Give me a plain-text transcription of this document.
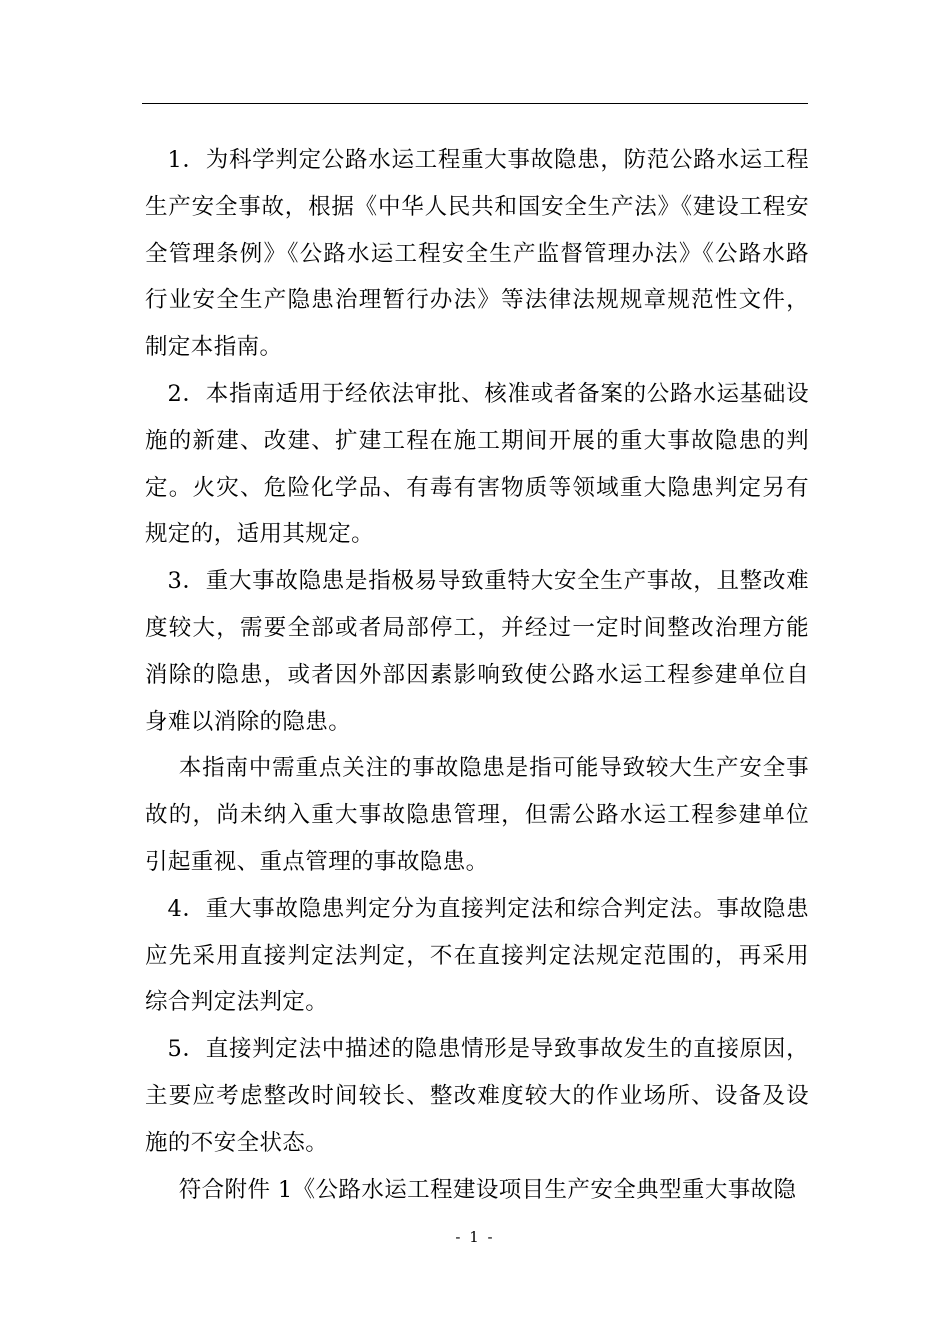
1．为科学判定公路水运工程重大事故隐患，防范公路水运工程生产安全事故，根据《中华人民共和国安全生产法》《建设工程安全管理条例》《公路水运工程安全生产监督管理办法》《公路水路行业安全生产隐患治理暂行办法》等法律法规规章规范性文件，制定本指南。

2．本指南适用于经依法审批、核准或者备案的公路水运基础设施的新建、改建、扩建工程在施工期间开展的重大事故隐患的判定。火灾、危险化学品、有毒有害物质等领域重大隐患判定另有规定的，适用其规定。

3．重大事故隐患是指极易导致重特大安全生产事故，且整改难度较大，需要全部或者局部停工，并经过一定时间整改治理方能消除的隐患，或者因外部因素影响致使公路水运工程参建单位自身难以消除的隐患。

本指南中需重点关注的事故隐患是指可能导致较大生产安全事故的，尚未纳入重大事故隐患管理，但需公路水运工程参建单位引起重视、重点管理的事故隐患。

4．重大事故隐患判定分为直接判定法和综合判定法。事故隐患应先采用直接判定法判定，不在直接判定法规定范围的，再采用综合判定法判定。

5．直接判定法中描述的隐患情形是导致事故发生的直接原因，主要应考虑整改时间较长、整改难度较大的作业场所、设备及设施的不安全状态。

符合附件 1《公路水运工程建设项目生产安全典型重大事故隐

- 1 -
